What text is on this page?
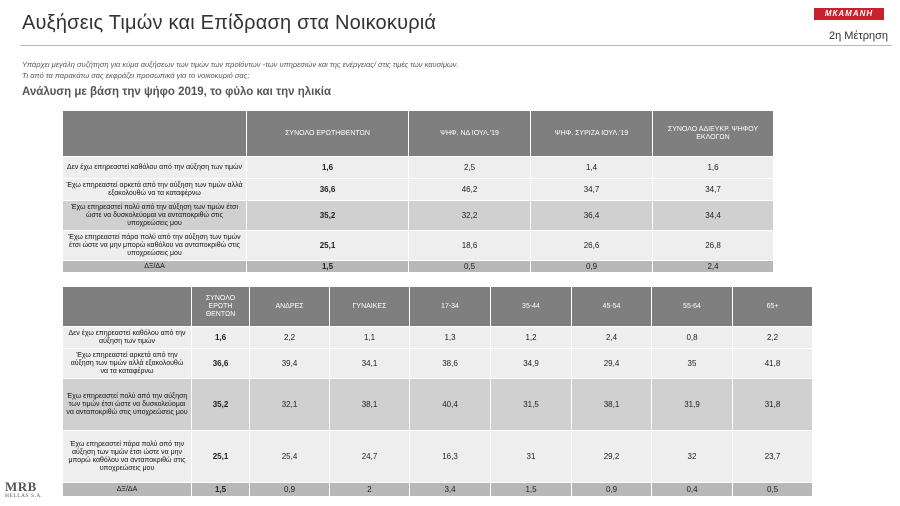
Αυξήσεις Τιμών και Επίδραση στα Νοικοκυριά	МКАΜΑΝΗ
2η Μέτρηση
Υπάρχει μεγάλη συζήτηση για κύμα αυξήσεων των τιμών των προϊόντων -των υπηρεσιών και της ενέργειας/ στις τιμές των καυσίμων.
Τι από τα παρακάτω σας εκφράζει προσωπικά για το νοικοκυριό σας;
Ανάλυση με βάση την ψήφο 2019, το φύλο και την ηλικία
	ΣΥΝΟΛΟ ΕΡΩΤΗΘΕΝΤΩΝ	ΨΗΦ. ΝΔ ΙΟΥΛ.'19	ΨΗΦ. ΣΥΡΙΖΑ ΙΟΥΛ.'19	ΣΥΝΟΛΟ ΑΔΙΕΥΚΡ. ΨΗΦΟΥ ΕΚΛΟΓΩΝ
Δεν έχω επηρεαστεί καθόλου από την αύξηση των τιμών	1,6	2,5	1,4	1,6
Έχω επηρεαστεί αρκετά από την αύξηση των τιμών αλλά εξακολουθώ να τα καταφέρνω	36,6	46,2	34,7	34,7
Έχω επηρεαστεί πολύ από την αύξηση των τιμών έτσι ώστε να δυσκολεύομαι να ανταποκριθώ στις υποχρεώσεις μου	35,2	32,2	36,4	34,4
Έχω επηρεαστεί πάρα πολύ από την αύξηση των τιμών έτσι ώστε να μην μπορώ καθόλου να ανταποκριθώ στις υποχρεώσεις μου	25,1	18,6	26,6	26,8
ΔΞ/ΔΑ	1,5	0,5	0,9	2,4
	ΣΥΝΟΛΟ ΕΡΩΤΗ ΘΕΝΤΩΝ	ΑΝΔΡΕΣ	ΓΥΝΑΙΚΕΣ	17-34	35-44	45-54	55-64	65+
Δεν έχω επηρεαστεί καθόλου από την αύξηση των τιμών	1,6	2,2	1,1	1,3	1,2	2,4	0,8	2,2
Έχω επηρεαστεί αρκετά από την αύξηση των τιμών αλλά εξακολουθώ να τα καταφέρνω	36,6	39,4	34,1	38,6	34,9	29,4	35	41,8
Έχω επηρεαστεί πολύ από την αύξηση των τιμών έτσι ώστε να δυσκολεύομαι να ανταποκριθώ στις υποχρεώσεις μου	35,2	32,1	38,1	40,4	31,5	38,1	31,9	31,8
Έχω επηρεαστεί πάρα πολύ από την αύξηση των τιμών έτσι ώστε να μην μπορώ καθόλου να ανταποκριθώ στις υποχρεώσεις μου	25,1	25,4	24,7	16,3	31	29,2	32	23,7
ΔΞ/ΔΑ	1,5	0,9	2	3,4	1,5	0,9	0,4	0,5
MRB
HELLAS S.A.
